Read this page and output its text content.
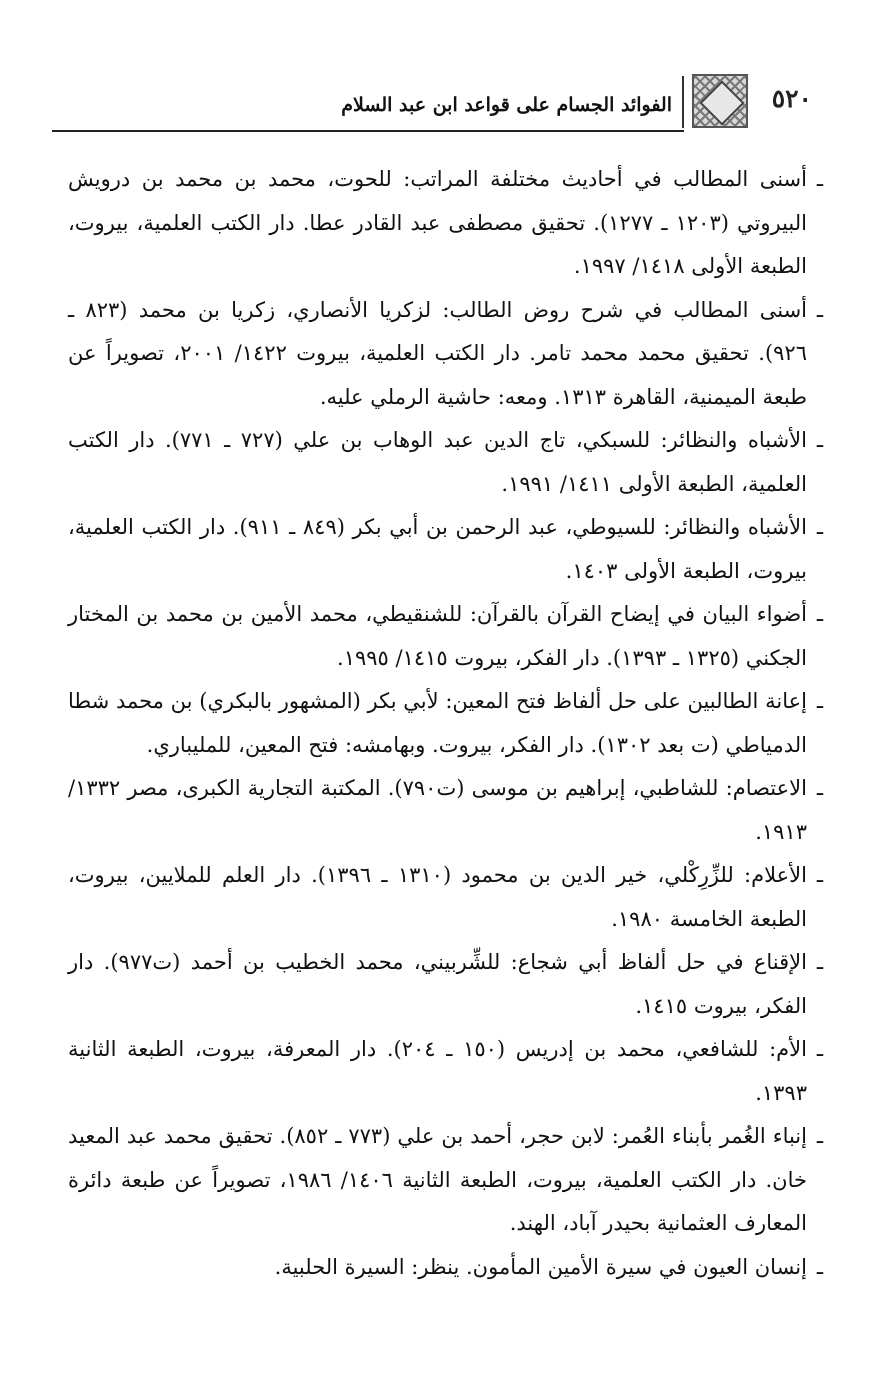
٥٢٠
الفوائد الجسام على قواعد ابن عبد السلام
ـ
أسنى المطالب في أحاديث مختلفة المراتب: للحوت، محمد بن محمد بن درويش البيروتي (١٢٠٣ ـ ١٢٧٧). تحقيق مصطفى عبد القادر عطا. دار الكتب العلمية، بيروت، الطبعة الأولى ١٤١٨/ ١٩٩٧.
ـ
أسنى المطالب في شرح روض الطالب: لزكريا الأنصاري، زكريا بن محمد (٨٢٣ ـ ٩٢٦). تحقيق محمد محمد تامر. دار الكتب العلمية، بيروت ١٤٢٢/ ٢٠٠١، تصويراً عن طبعة الميمنية، القاهرة ١٣١٣. ومعه: حاشية الرملي عليه.
ـ
الأشباه والنظائر: للسبكي، تاج الدين عبد الوهاب بن علي (٧٢٧ ـ ٧٧١). دار الكتب العلمية، الطبعة الأولى ١٤١١/ ١٩٩١.
ـ
الأشباه والنظائر: للسيوطي، عبد الرحمن بن أبي بكر (٨٤٩ ـ ٩١١). دار الكتب العلمية، بيروت، الطبعة الأولى ١٤٠٣.
ـ
أضواء البيان في إيضاح القرآن بالقرآن: للشنقيطي، محمد الأمين بن محمد بن المختار الجكني (١٣٢٥ ـ ١٣٩٣). دار الفكر، بيروت ١٤١٥/ ١٩٩٥.
ـ
إعانة الطالبين على حل ألفاظ فتح المعين: لأبي بكر (المشهور بالبكري) بن محمد شطا الدمياطي (ت بعد ١٣٠٢). دار الفكر، بيروت. وبهامشه: فتح المعين، للمليباري.
ـ
الاعتصام: للشاطبي، إبراهيم بن موسى (ت٧٩٠). المكتبة التجارية الكبرى، مصر ١٣٣٢/ ١٩١٣.
ـ
الأعلام: للزِّرِكْلي، خير الدين بن محمود (١٣١٠ ـ ١٣٩٦). دار العلم للملايين، بيروت، الطبعة الخامسة ١٩٨٠.
ـ
الإقناع في حل ألفاظ أبي شجاع: للشِّربيني، محمد الخطيب بن أحمد (ت٩٧٧). دار الفكر، بيروت ١٤١٥.
ـ
الأم: للشافعي، محمد بن إدريس (١٥٠ ـ ٢٠٤). دار المعرفة، بيروت، الطبعة الثانية ١٣٩٣.
ـ
إنباء الغُمر بأبناء العُمر: لابن حجر، أحمد بن علي (٧٧٣ ـ ٨٥٢). تحقيق محمد عبد المعيد خان. دار الكتب العلمية، بيروت، الطبعة الثانية ١٤٠٦/ ١٩٨٦، تصويراً عن طبعة دائرة المعارف العثمانية بحيدر آباد، الهند.
ـ
إنسان العيون في سيرة الأمين المأمون. ينظر: السيرة الحلبية.
